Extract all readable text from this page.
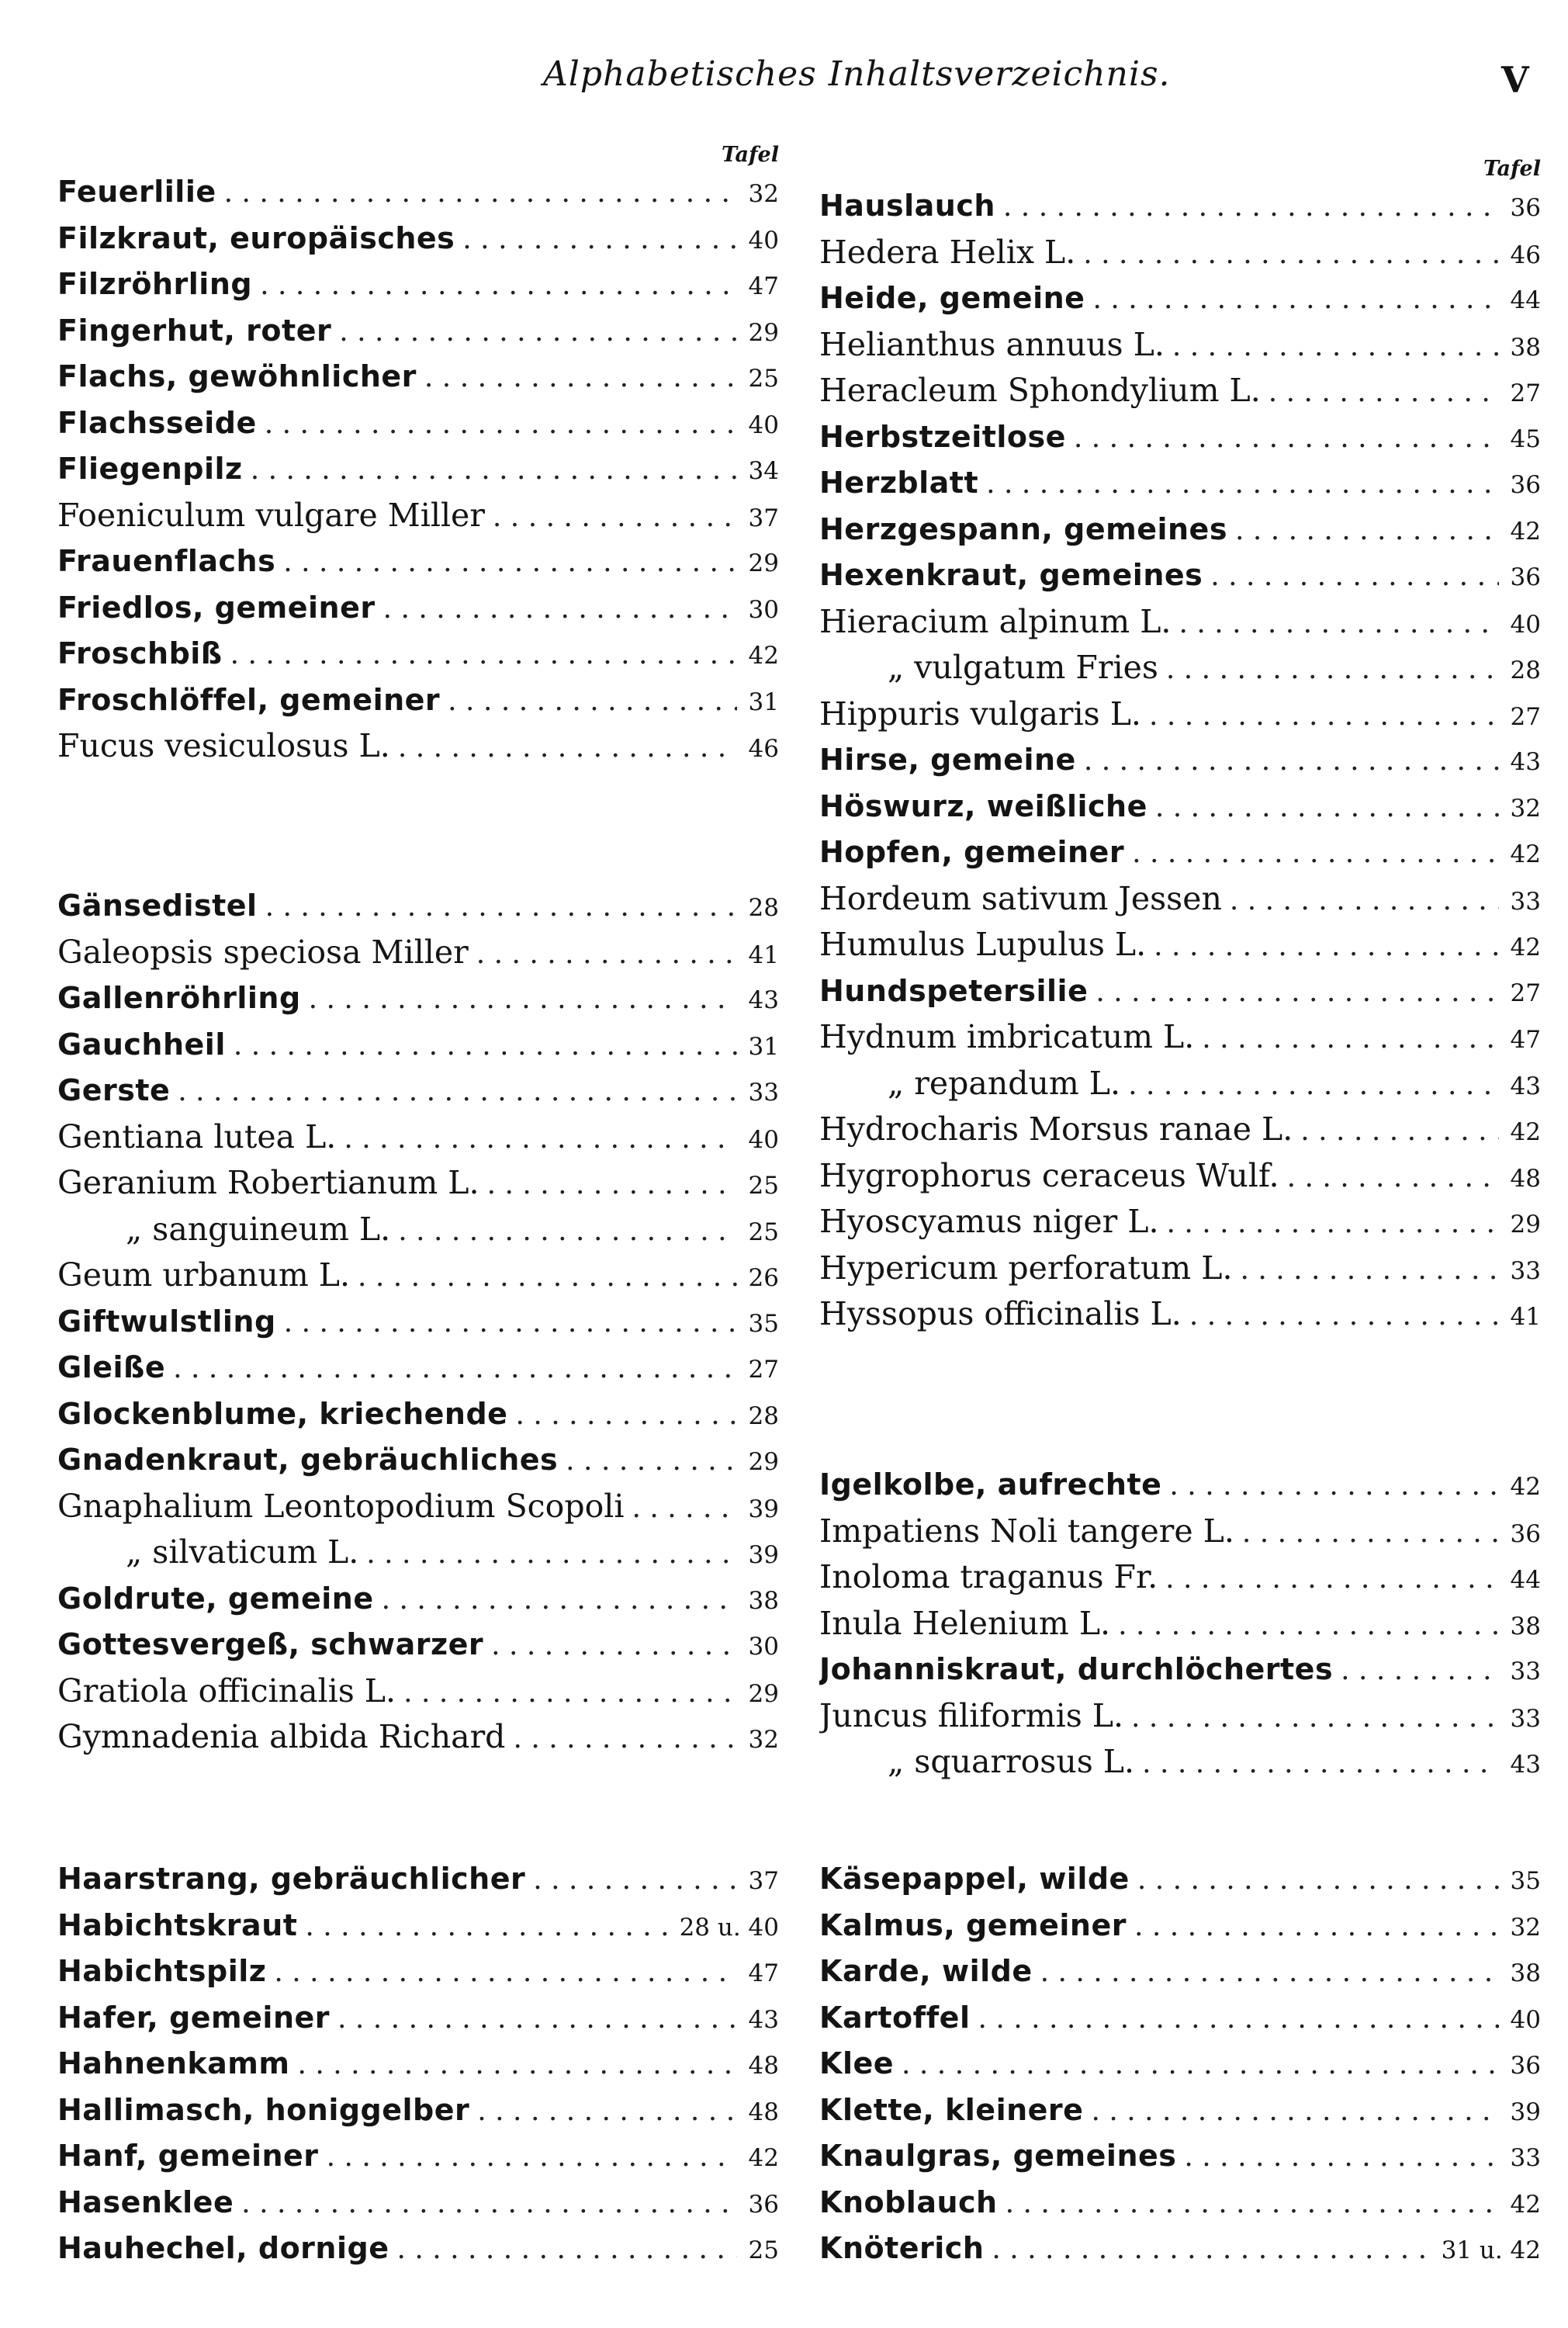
Alphabetisches Inhaltsverzeichnis.	V
Tafel
Feuerlilie . . .	32
Filzkraut, europäisches . . .	40
Filzröhrling . . .	47
Fingerhut, roter . . .	29
Flachs, gewöhnlicher . . .	25
Flachsseide . . .	40
Fliegenpilz . . .	34
Foeniculum vulgare Miller . . .	37
Frauenflachs . . .	29
Friedlos, gemeiner . . .	30
Froschbiß . . .	42
Froschlöffel, gemeiner . . .	31
Fucus vesiculosus L. . . .	46
Gänsedistel . . .	28
Galeopsis speciosa Miller . . .	41
Gallenröhrling . . .	43
Gauchheil . . .	31
Gerste . . .	33
Gentiana lutea L. . . .	40
Geranium Robertianum L. . . .	25
„ sanguineum L. . . .	25
Geum urbanum L. . . .	26
Giftwulstling . . .	35
Gleiße . . .	27
Glockenblume, kriechende . . .	28
Gnadenkraut, gebräuchliches . . .	29
Gnaphalium Leontopodium Scopoli . . .	39
„ silvaticum L. . . .	39
Goldrute, gemeine . . .	38
Gottesvergeß, schwarzer . . .	30
Gratiola officinalis L. . . .	29
Gymnadenia albida Richard . . .	32
Haarstrang, gebräuchlicher . . .	37
Habichtskraut . . .	28 u. 40
Habichtspilz . . .	47
Hafer, gemeiner . . .	43
Hahnenkamm . . .	48
Hallimasch, honiggelber . . .	48
Hanf, gemeiner . . .	42
Hasenklee . . .	36
Hauhechel, dornige . . .	25
Tafel
Hauslauch . . .	36
Hedera Helix L. . . .	46
Heide, gemeine . . .	44
Helianthus annuus L. . . .	38
Heracleum Sphondylium L. . . .	27
Herbstzeitlose . . .	45
Herzblatt . . .	36
Herzgespann, gemeines . . .	42
Hexenkraut, gemeines . . .	36
Hieracium alpinum L. . . .	40
„ vulgatum Fries . . .	28
Hippuris vulgaris L. . . .	27
Hirse, gemeine . . .	43
Höswurz, weißliche . . .	32
Hopfen, gemeiner . . .	42
Hordeum sativum Jessen . . .	33
Humulus Lupulus L. . . .	42
Hundspetersilie . . .	27
Hydnum imbricatum L. . . .	47
„ repandum L. . . .	43
Hydrocharis Morsus ranae L. . . .	42
Hygrophorus ceraceus Wulf. . . .	48
Hyoscyamus niger L. . . .	29
Hypericum perforatum L. . . .	33
Hyssopus officinalis L. . . .	41
Igelkolbe, aufrechte . . .	42
Impatiens Noli tangere L. . . .	36
Inoloma traganus Fr. . . .	44
Inula Helenium L. . . .	38
Johanniskraut, durchlöchertes . . .	33
Juncus filiformis L. . . .	33
„ squarrosus L. . . .	43
Käsepappel, wilde . . .	35
Kalmus, gemeiner . . .	32
Karde, wilde . . .	38
Kartoffel . . .	40
Klee . . .	36
Klette, kleinere . . .	39
Knaulgras, gemeines . . .	33
Knoblauch . . .	42
Knöterich . . .	31 u. 42
